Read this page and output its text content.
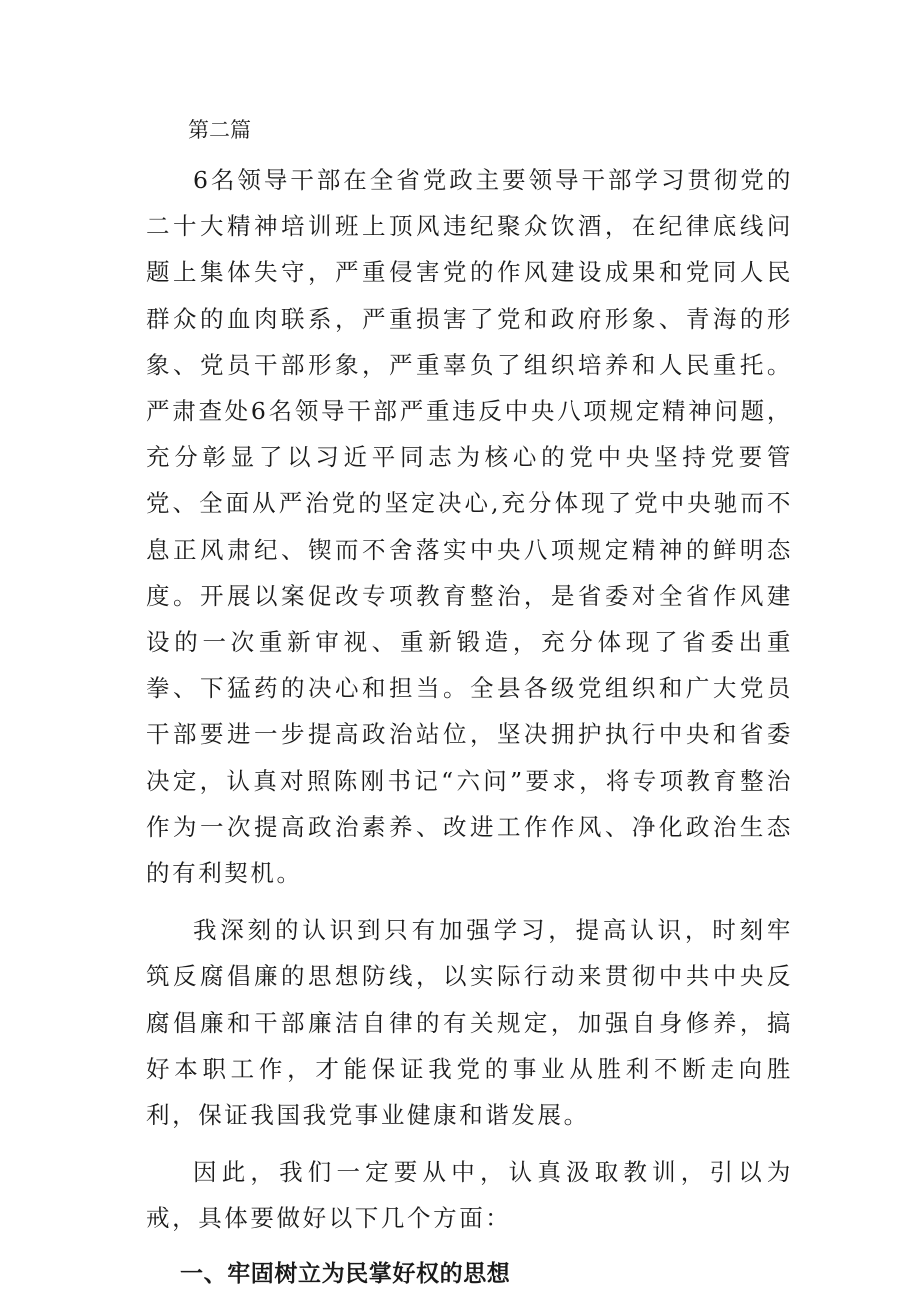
第二篇

6名领导干部在全省党政主要领导干部学习贯彻党的二十大精神培训班上顶风违纪聚众饮酒，在纪律底线问题上集体失守，严重侵害党的作风建设成果和党同人民群众的血肉联系，严重损害了党和政府形象、青海的形象、党员干部形象，严重辜负了组织培养和人民重托。严肃查处6名领导干部严重违反中央八项规定精神问题，充分彰显了以习近平同志为核心的党中央坚持党要管党、全面从严治党的坚定决心,充分体现了党中央驰而不息正风肃纪、锲而不舍落实中央八项规定精神的鲜明态度。开展以案促改专项教育整治，是省委对全省作风建设的一次重新审视、重新锻造，充分体现了省委出重拳、下猛药的决心和担当。全县各级党组织和广大党员干部要进一步提高政治站位，坚决拥护执行中央和省委决定，认真对照陈刚书记“六问”要求，将专项教育整治作为一次提高政治素养、改进工作作风、净化政治生态的有利契机。

我深刻的认识到只有加强学习，提高认识，时刻牢筑反腐倡廉的思想防线，以实际行动来贯彻中共中央反腐倡廉和干部廉洁自律的有关规定，加强自身修养，搞好本职工作，才能保证我党的事业从胜利不断走向胜利，保证我国我党事业健康和谐发展。

因此，我们一定要从中，认真汲取教训，引以为戒，具体要做好以下几个方面：

一、牢固树立为民掌好权的思想
